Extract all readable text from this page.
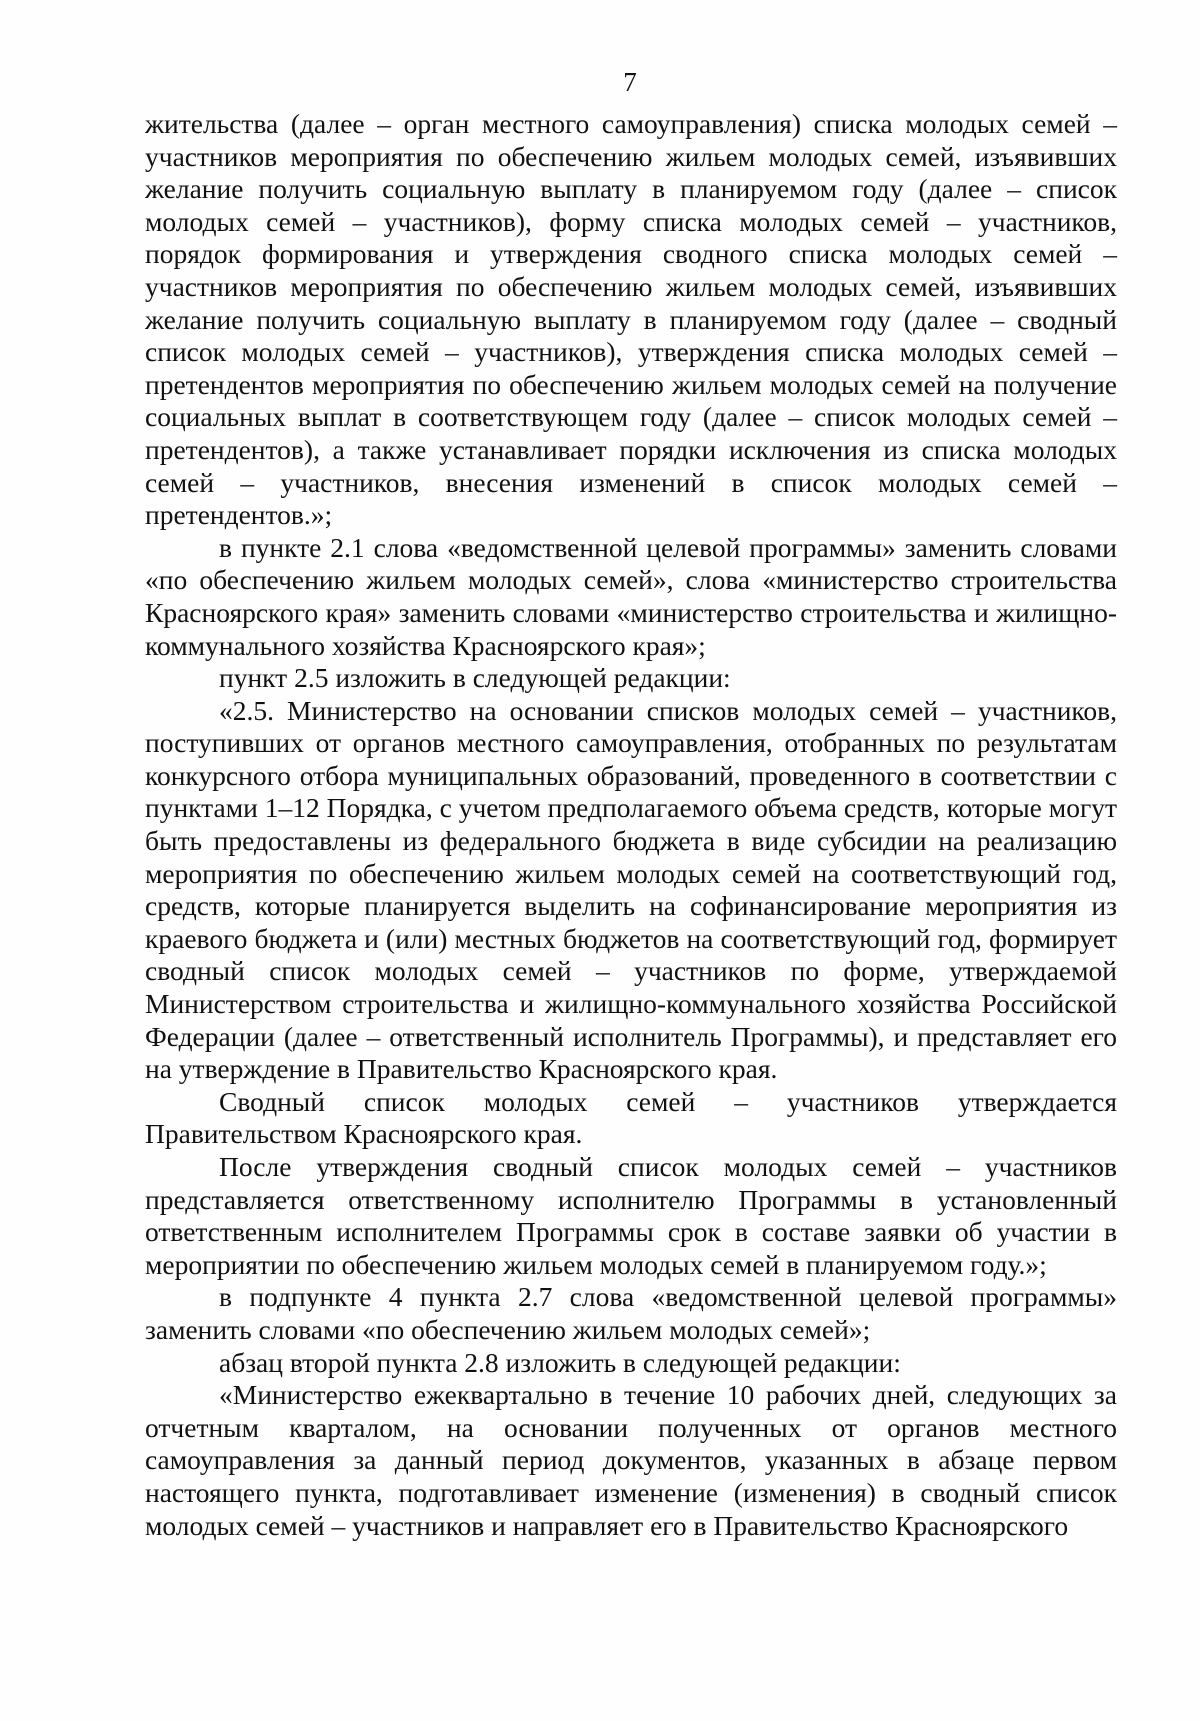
7

жительства (далее – орган местного самоуправления) списка молодых семей – участников мероприятия по обеспечению жильем молодых семей, изъявивших желание получить социальную выплату в планируемом году (далее – список молодых семей – участников), форму списка молодых семей – участников, порядок формирования и утверждения сводного списка молодых семей – участников мероприятия по обеспечению жильем молодых семей, изъявивших желание получить социальную выплату в планируемом году (далее – сводный список молодых семей – участников), утверждения списка молодых семей – претендентов мероприятия по обеспечению жильем молодых семей на получение социальных выплат в соответствующем году (далее – список молодых семей – претендентов), а также устанавливает порядки исключения из списка молодых семей – участников, внесения изменений в список молодых семей – претендентов.»;

в пункте 2.1 слова «ведомственной целевой программы» заменить словами «по обеспечению жильем молодых семей», слова «министерство строительства Красноярского края» заменить словами «министерство строительства и жилищно-коммунального хозяйства Красноярского края»;

пункт 2.5 изложить в следующей редакции:

«2.5. Министерство на основании списков молодых семей – участников, поступивших от органов местного самоуправления, отобранных по результатам конкурсного отбора муниципальных образований, проведенного в соответствии с пунктами 1–12 Порядка, с учетом предполагаемого объема средств, которые могут быть предоставлены из федерального бюджета в виде субсидии на реализацию мероприятия по обеспечению жильем молодых семей на соответствующий год, средств, которые планируется выделить на софинансирование мероприятия из краевого бюджета и (или) местных бюджетов на соответствующий год, формирует сводный список молодых семей – участников по форме, утверждаемой Министерством строительства и жилищно-коммунального хозяйства Российской Федерации (далее – ответственный исполнитель Программы), и представляет его на утверждение в Правительство Красноярского края.

Сводный список молодых семей – участников утверждается Правительством Красноярского края.

После утверждения сводный список молодых семей – участников представляется ответственному исполнителю Программы в установленный ответственным исполнителем Программы срок в составе заявки об участии в мероприятии по обеспечению жильем молодых семей в планируемом году.»;

в подпункте 4 пункта 2.7 слова «ведомственной целевой программы» заменить словами «по обеспечению жильем молодых семей»;

абзац второй пункта 2.8 изложить в следующей редакции:

«Министерство ежеквартально в течение 10 рабочих дней, следующих за отчетным кварталом, на основании полученных от органов местного самоуправления за данный период документов, указанных в абзаце первом настоящего пункта, подготавливает изменение (изменения) в сводный список молодых семей – участников и направляет его в Правительство Красноярского
